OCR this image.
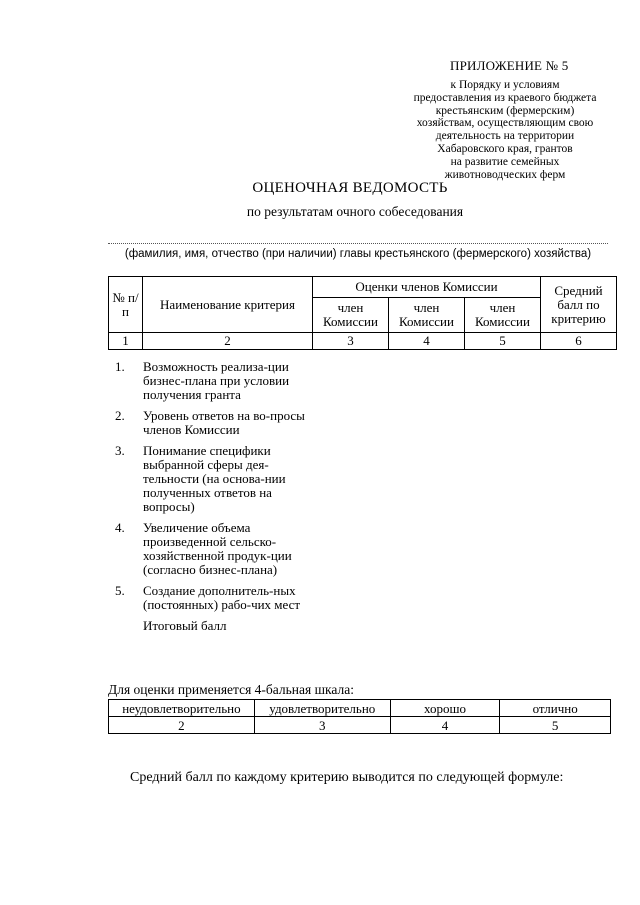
ПРИЛОЖЕНИЕ № 5
к Порядку и условиям
предоставления из краевого бюджета
крестьянским (фермерским)
хозяйствам, осуществляющим свою
деятельность на территории
Хабаровского края, грантов
на развитие семейных
животноводческих ферм
ОЦЕНОЧНАЯ ВЕДОМОСТЬ
по результатам очного собеседования
(фамилия, имя, отчество (при наличии) главы крестьянского (фермерского) хозяйства)
№ п/п	Наименование критерия	Оценки членов Комиссии			Средний балл по критерию
		член Комиссии	член Комиссии	член Комиссии	
1	2	3	4	5	6
1.	Возможность реализа-ции бизнес-плана при условии получения гранта
2.	Уровень ответов на во-просы членов Комиссии
3.	Понимание специфики выбранной сферы дея-тельности (на основа-нии полученных ответов на вопросы)
4.	Увеличение объема произведенной сельско-хозяйственной продук-ции (согласно бизнес-плана)
5.	Создание дополнитель-ных (постоянных) рабо-чих мест
Итоговый балл
Для оценки применяется 4-бальная шкала:
неудовлетворительно	удовлетворительно	хорошо	отлично
2	3	4	5
Средний балл по каждому критерию выводится по следующей формуле:
